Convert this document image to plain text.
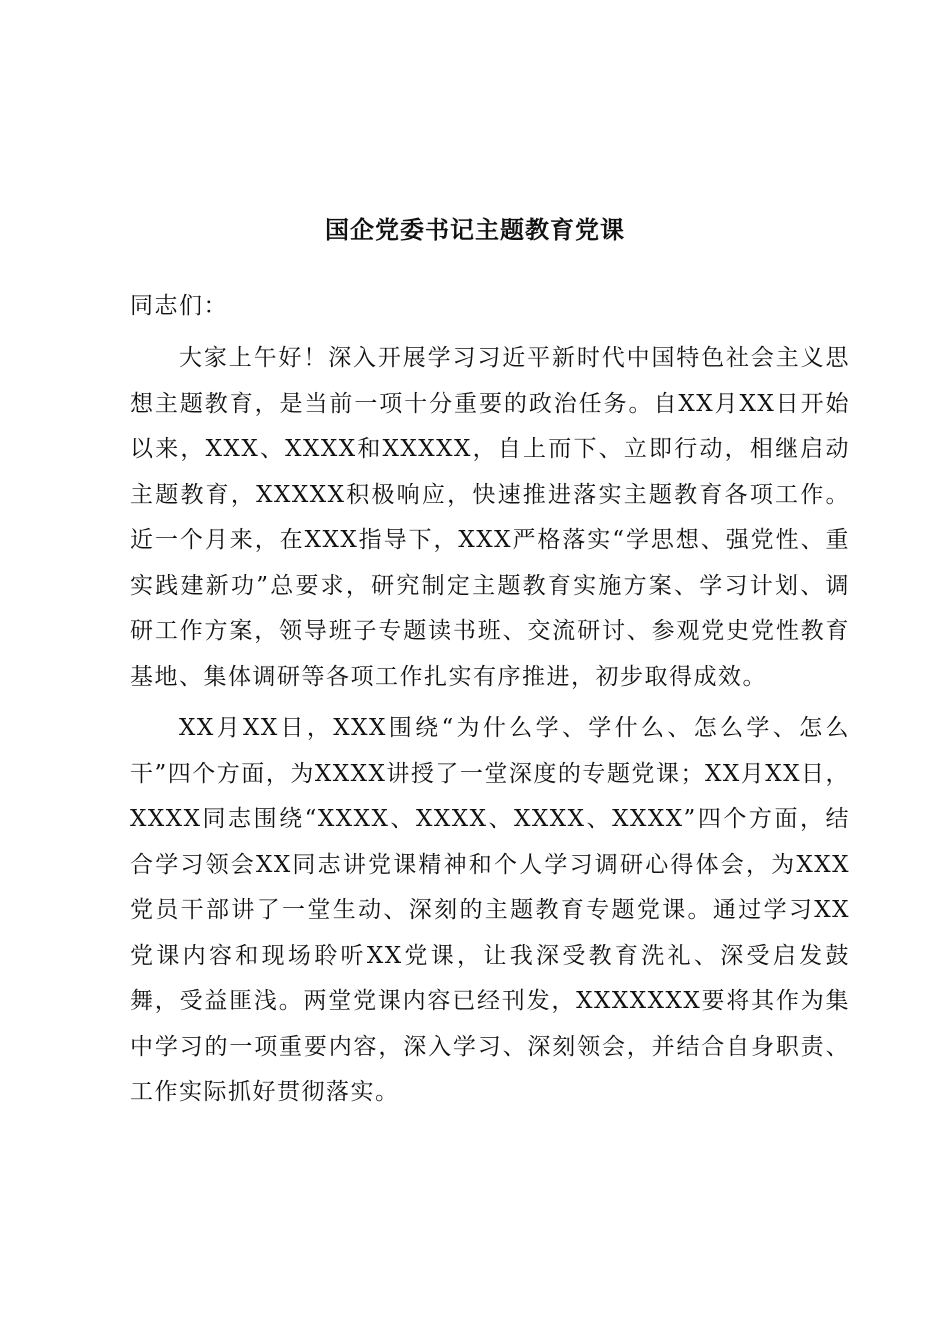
国企党委书记主题教育党课

同志们：

大家上午好！深入开展学习习近平新时代中国特色社会主义思想主题教育，是当前一项十分重要的政治任务。自XX月XX日开始以来，XXX、XXXX和XXXXX，自上而下、立即行动，相继启动主题教育，XXXXX积极响应，快速推进落实主题教育各项工作。近一个月来，在XXX指导下，XXX严格落实“学思想、强党性、重实践建新功”总要求，研究制定主题教育实施方案、学习计划、调研工作方案，领导班子专题读书班、交流研讨、参观党史党性教育基地、集体调研等各项工作扎实有序推进，初步取得成效。

XX月XX日，XXX围绕“为什么学、学什么、怎么学、怎么干”四个方面，为XXXX讲授了一堂深度的专题党课；XX月XX日，XXXX同志围绕“XXXX、XXXX、XXXX、XXXX”四个方面，结合学习领会XX同志讲党课精神和个人学习调研心得体会，为XXX党员干部讲了一堂生动、深刻的主题教育专题党课。通过学习XX党课内容和现场聆听XX党课，让我深受教育洗礼、深受启发鼓舞，受益匪浅。两堂党课内容已经刊发，XXXXXXX要将其作为集中学习的一项重要内容，深入学习、深刻领会，并结合自身职责、工作实际抓好贯彻落实。
